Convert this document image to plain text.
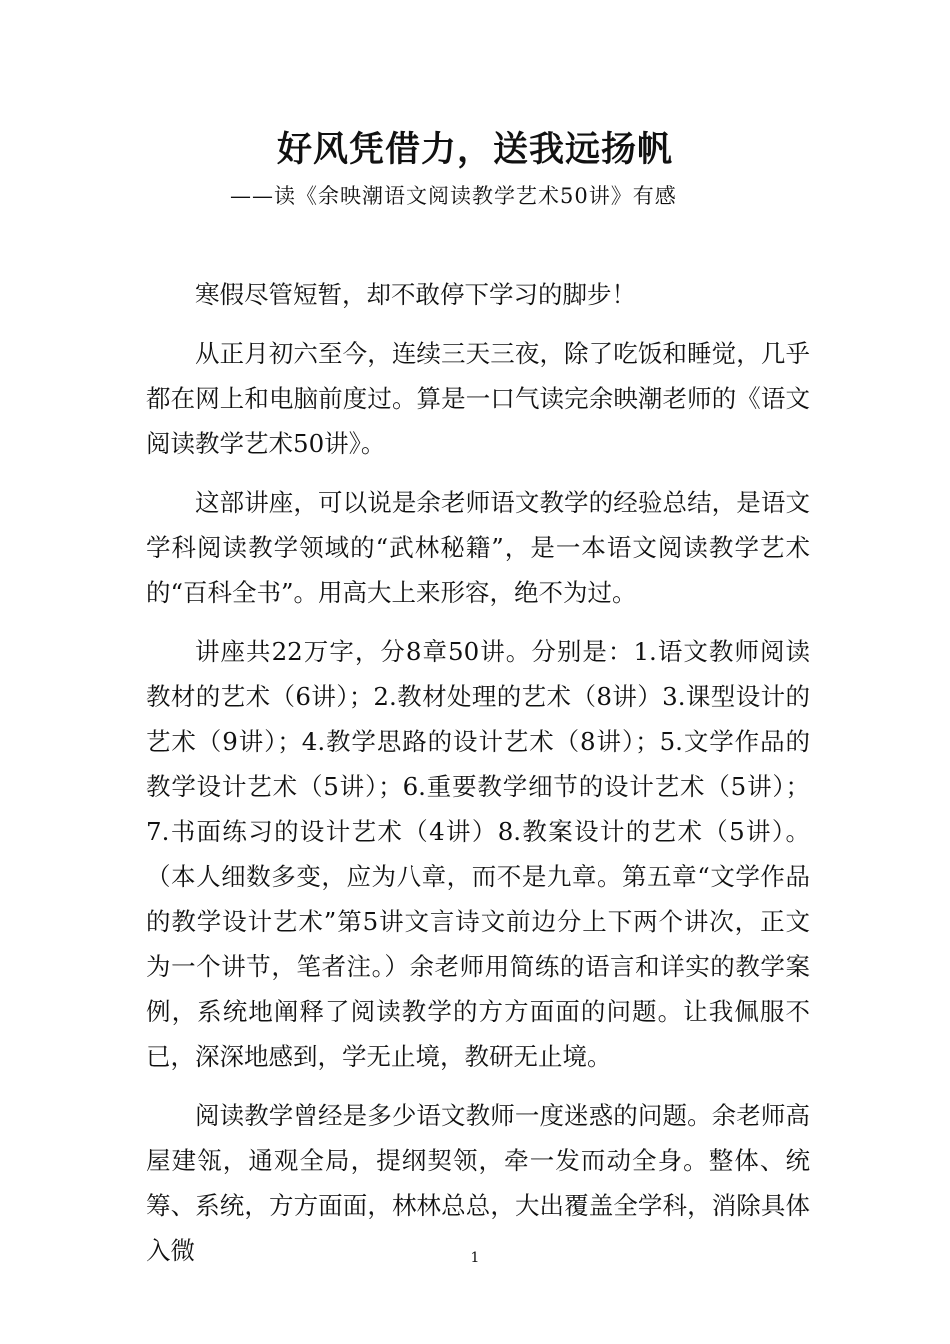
好风凭借力，送我远扬帆
——读《余映潮语文阅读教学艺术50讲》有感

寒假尽管短暂，却不敢停下学习的脚步！

从正月初六至今，连续三天三夜，除了吃饭和睡觉，几乎都在网上和电脑前度过。算是一口气读完余映潮老师的《语文阅读教学艺术50讲》。

这部讲座，可以说是余老师语文教学的经验总结，是语文学科阅读教学领域的“武林秘籍”，是一本语文阅读教学艺术的“百科全书”。用高大上来形容，绝不为过。

讲座共22万字，分8章50讲。分别是：1.语文教师阅读教材的艺术（6讲）；2.教材处理的艺术（8讲）3.课型设计的艺术（9讲）；4.教学思路的设计艺术（8讲）；5.文学作品的教学设计艺术（5讲）；6.重要教学细节的设计艺术（5讲）；7.书面练习的设计艺术（4讲）8.教案设计的艺术（5讲）。（本人细数多变，应为八章，而不是九章。第五章“文学作品的教学设计艺术”第5讲文言诗文前边分上下两个讲次，正文为一个讲节，笔者注。）余老师用简练的语言和详实的教学案例，系统地阐释了阅读教学的方方面面的问题。让我佩服不已，深深地感到，学无止境，教研无止境。

阅读教学曾经是多少语文教师一度迷惑的问题。余老师高屋建瓴，通观全局，提纲契领，牵一发而动全身。整体、统筹、系统，方方面面，林林总总，大出覆盖全学科，消除具体入微	1
